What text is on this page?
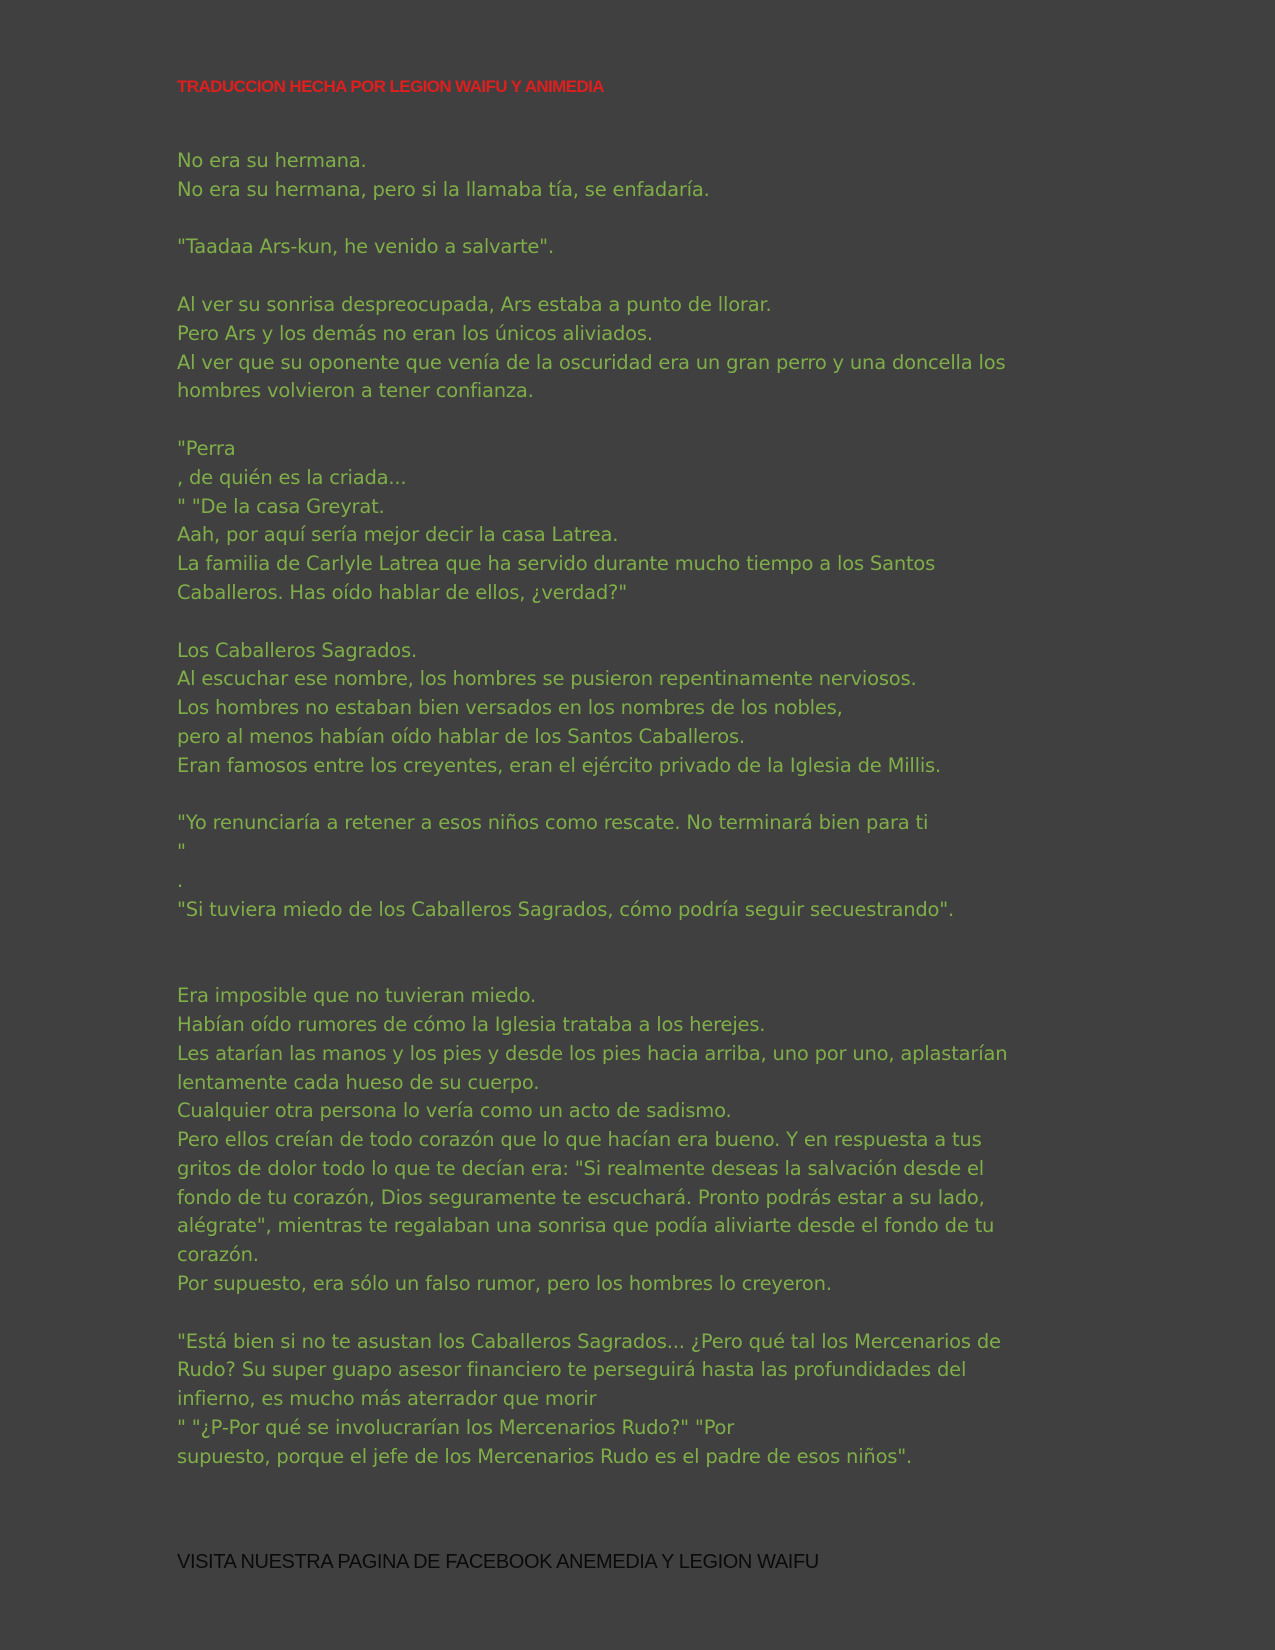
TRADUCCION HECHA POR LEGION WAIFU Y ANIMEDIA
No era su hermana.
No era su hermana, pero si la llamaba tía, se enfadaría.
"Taadaa Ars-kun, he venido a salvarte".
Al ver su sonrisa despreocupada, Ars estaba a punto de llorar.
Pero Ars y los demás no eran los únicos aliviados.
Al ver que su oponente que venía de la oscuridad era un gran perro y una doncella los
hombres volvieron a tener confianza.
"Perra
, de quién es la criada...
" "De la casa Greyrat.
Aah, por aquí sería mejor decir la casa Latrea.
La familia de Carlyle Latrea que ha servido durante mucho tiempo a los Santos
Caballeros. Has oído hablar de ellos, ¿verdad?"
Los Caballeros Sagrados.
Al escuchar ese nombre, los hombres se pusieron repentinamente nerviosos.
Los hombres no estaban bien versados en los nombres de los nobles,
pero al menos habían oído hablar de los Santos Caballeros.
Eran famosos entre los creyentes, eran el ejército privado de la Iglesia de Millis.
"Yo renunciaría a retener a esos niños como rescate. No terminará bien para ti
"
.
"Si tuviera miedo de los Caballeros Sagrados, cómo podría seguir secuestrando".
Era imposible que no tuvieran miedo.
Habían oído rumores de cómo la Iglesia trataba a los herejes.
Les atarían las manos y los pies y desde los pies hacia arriba, uno por uno, aplastarían
lentamente cada hueso de su cuerpo.
Cualquier otra persona lo vería como un acto de sadismo.
Pero ellos creían de todo corazón que lo que hacían era bueno. Y en respuesta a tus
gritos de dolor todo lo que te decían era: "Si realmente deseas la salvación desde el
fondo de tu corazón, Dios seguramente te escuchará. Pronto podrás estar a su lado,
alégrate", mientras te regalaban una sonrisa que podía aliviarte desde el fondo de tu
corazón.
Por supuesto, era sólo un falso rumor, pero los hombres lo creyeron.
"Está bien si no te asustan los Caballeros Sagrados... ¿Pero qué tal los Mercenarios de
Rudo? Su super guapo asesor financiero te perseguirá hasta las profundidades del
infierno, es mucho más aterrador que morir
" "¿P-Por qué se involucrarían los Mercenarios Rudo?" "Por
supuesto, porque el jefe de los Mercenarios Rudo es el padre de esos niños".
VISITA NUESTRA PAGINA DE FACEBOOK ANEMEDIA Y LEGION WAIFU
